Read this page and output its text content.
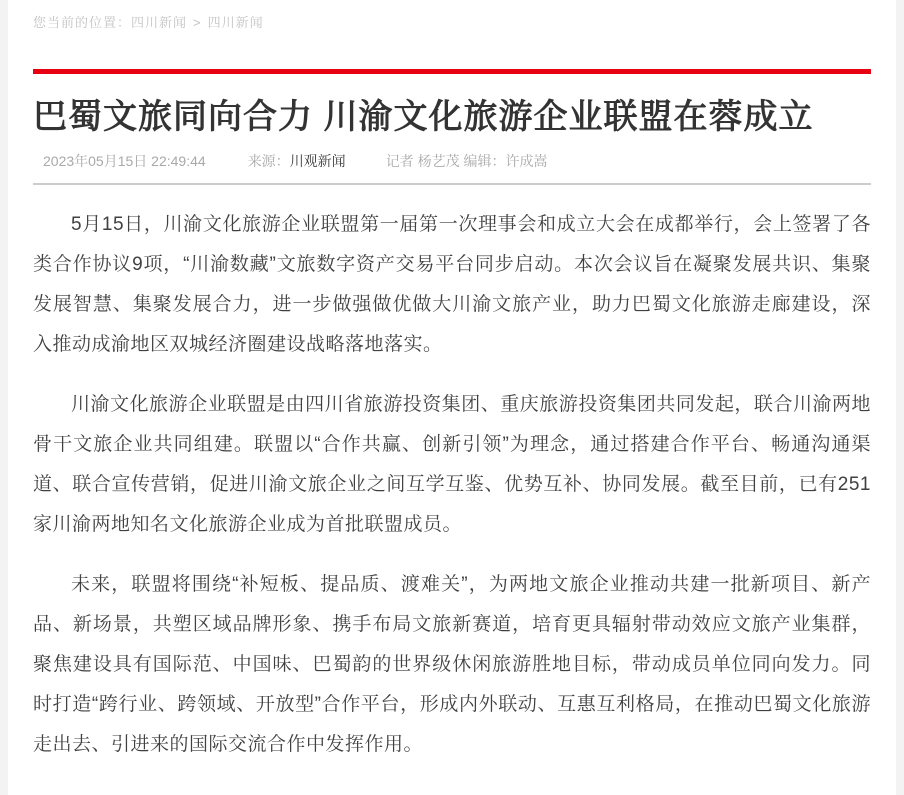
您当前的位置：四川新闻 > 四川新闻
巴蜀文旅同向合力 川渝文化旅游企业联盟在蓉成立
2023年05月15日 22:49:44	来源：川观新闻	记者 杨艺茂 编辑：许成嵩

5月15日，川渝文化旅游企业联盟第一届第一次理事会和成立大会在成都举行，会上签署了各类合作协议9项，“川渝数藏”文旅数字资产交易平台同步启动。本次会议旨在凝聚发展共识、集聚发展智慧、集聚发展合力，进一步做强做优做大川渝文旅产业，助力巴蜀文化旅游走廊建设，深入推动成渝地区双城经济圈建设战略落地落实。

川渝文化旅游企业联盟是由四川省旅游投资集团、重庆旅游投资集团共同发起，联合川渝两地骨干文旅企业共同组建。联盟以“合作共赢、创新引领”为理念，通过搭建合作平台、畅通沟通渠道、联合宣传营销，促进川渝文旅企业之间互学互鉴、优势互补、协同发展。截至目前，已有251家川渝两地知名文化旅游企业成为首批联盟成员。

未来，联盟将围绕“补短板、提品质、渡难关”，为两地文旅企业推动共建一批新项目、新产品、新场景，共塑区域品牌形象、携手布局文旅新赛道，培育更具辐射带动效应文旅产业集群，聚焦建设具有国际范、中国味、巴蜀韵的世界级休闲旅游胜地目标，带动成员单位同向发力。同时打造“跨行业、跨领域、开放型”合作平台，形成内外联动、互惠互利格局，在推动巴蜀文化旅游走出去、引进来的国际交流合作中发挥作用。
